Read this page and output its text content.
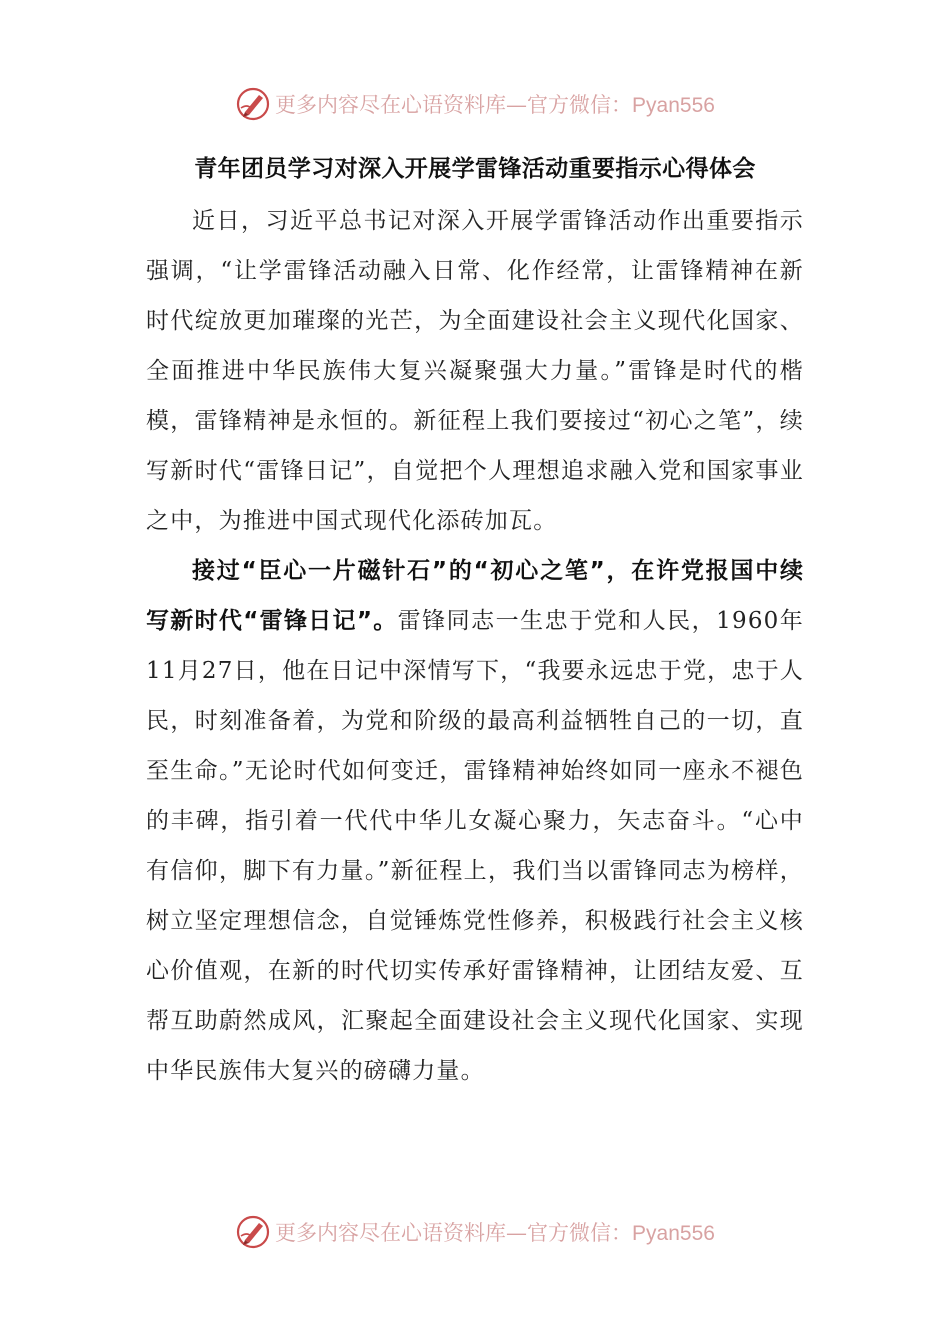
更多内容尽在心语资料库—官方微信：Pyan556
青年团员学习对深入开展学雷锋活动重要指示心得体会

近日，习近平总书记对深入开展学雷锋活动作出重要指示强调，“让学雷锋活动融入日常、化作经常，让雷锋精神在新时代绽放更加璀璨的光芒，为全面建设社会主义现代化国家、全面推进中华民族伟大复兴凝聚强大力量。”雷锋是时代的楷模，雷锋精神是永恒的。新征程上我们要接过“初心之笔”，续写新时代“雷锋日记”，自觉把个人理想追求融入党和国家事业之中，为推进中国式现代化添砖加瓦。

接过“臣心一片磁针石”的“初心之笔”，在许党报国中续写新时代“雷锋日记”。雷锋同志一生忠于党和人民，1960年11月27日，他在日记中深情写下，“我要永远忠于党，忠于人民，时刻准备着，为党和阶级的最高利益牺牲自己的一切，直至生命。”无论时代如何变迁，雷锋精神始终如同一座永不褪色的丰碑，指引着一代代中华儿女凝心聚力，矢志奋斗。“心中有信仰，脚下有力量。”新征程上，我们当以雷锋同志为榜样，树立坚定理想信念，自觉锤炼党性修养，积极践行社会主义核心价值观，在新的时代切实传承好雷锋精神，让团结友爱、互帮互助蔚然成风，汇聚起全面建设社会主义现代化国家、实现中华民族伟大复兴的磅礴力量。

更多内容尽在心语资料库—官方微信：Pyan556
